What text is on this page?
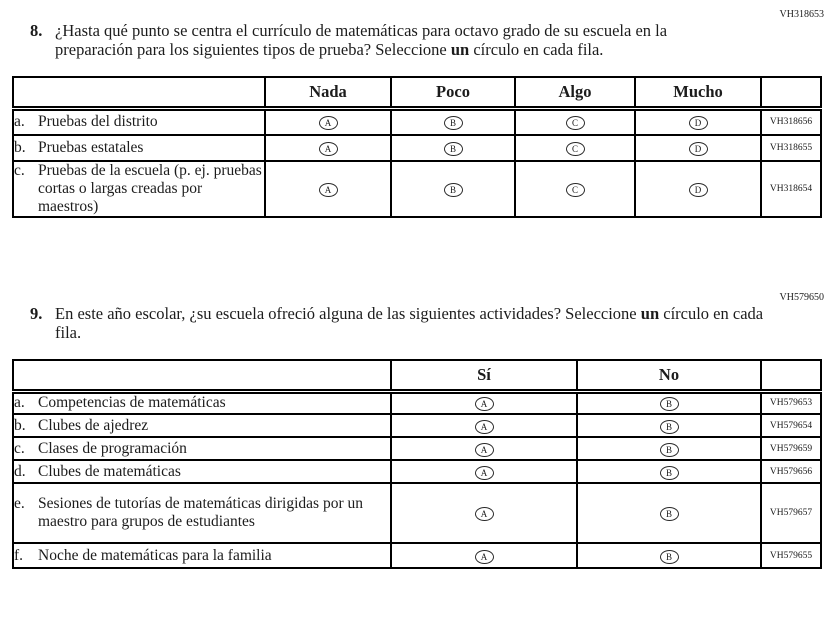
VH318653
8. ¿Hasta qué punto se centra el currículo de matemáticas para octavo grado de su escuela en la preparación para los siguientes tipos de prueba? Seleccione un círculo en cada fila.
	Nada	Poco	Algo	Mucho	

a. Pruebas del distrito	A	B	C	D	VH318656

b. Pruebas estatales	A	B	C	D	VH318655

c. Pruebas de la escuela (p. ej. pruebas cortas o largas creadas por maestros)	A	B	C	D	VH318654
VH579650
9. En este año escolar, ¿su escuela ofreció alguna de las siguientes actividades? Seleccione un círculo en cada fila.
	Sí	No	

a. Competencias de matemáticas	A	B	VH579653

b. Clubes de ajedrez	A	B	VH579654

c. Clases de programación	A	B	VH579659

d. Clubes de matemáticas	A	B	VH579656

e. Sesiones de tutorías de matemáticas dirigidas por un maestro para grupos de estudiantes	A	B	VH579657

f. Noche de matemáticas para la familia	A	B	VH579655
